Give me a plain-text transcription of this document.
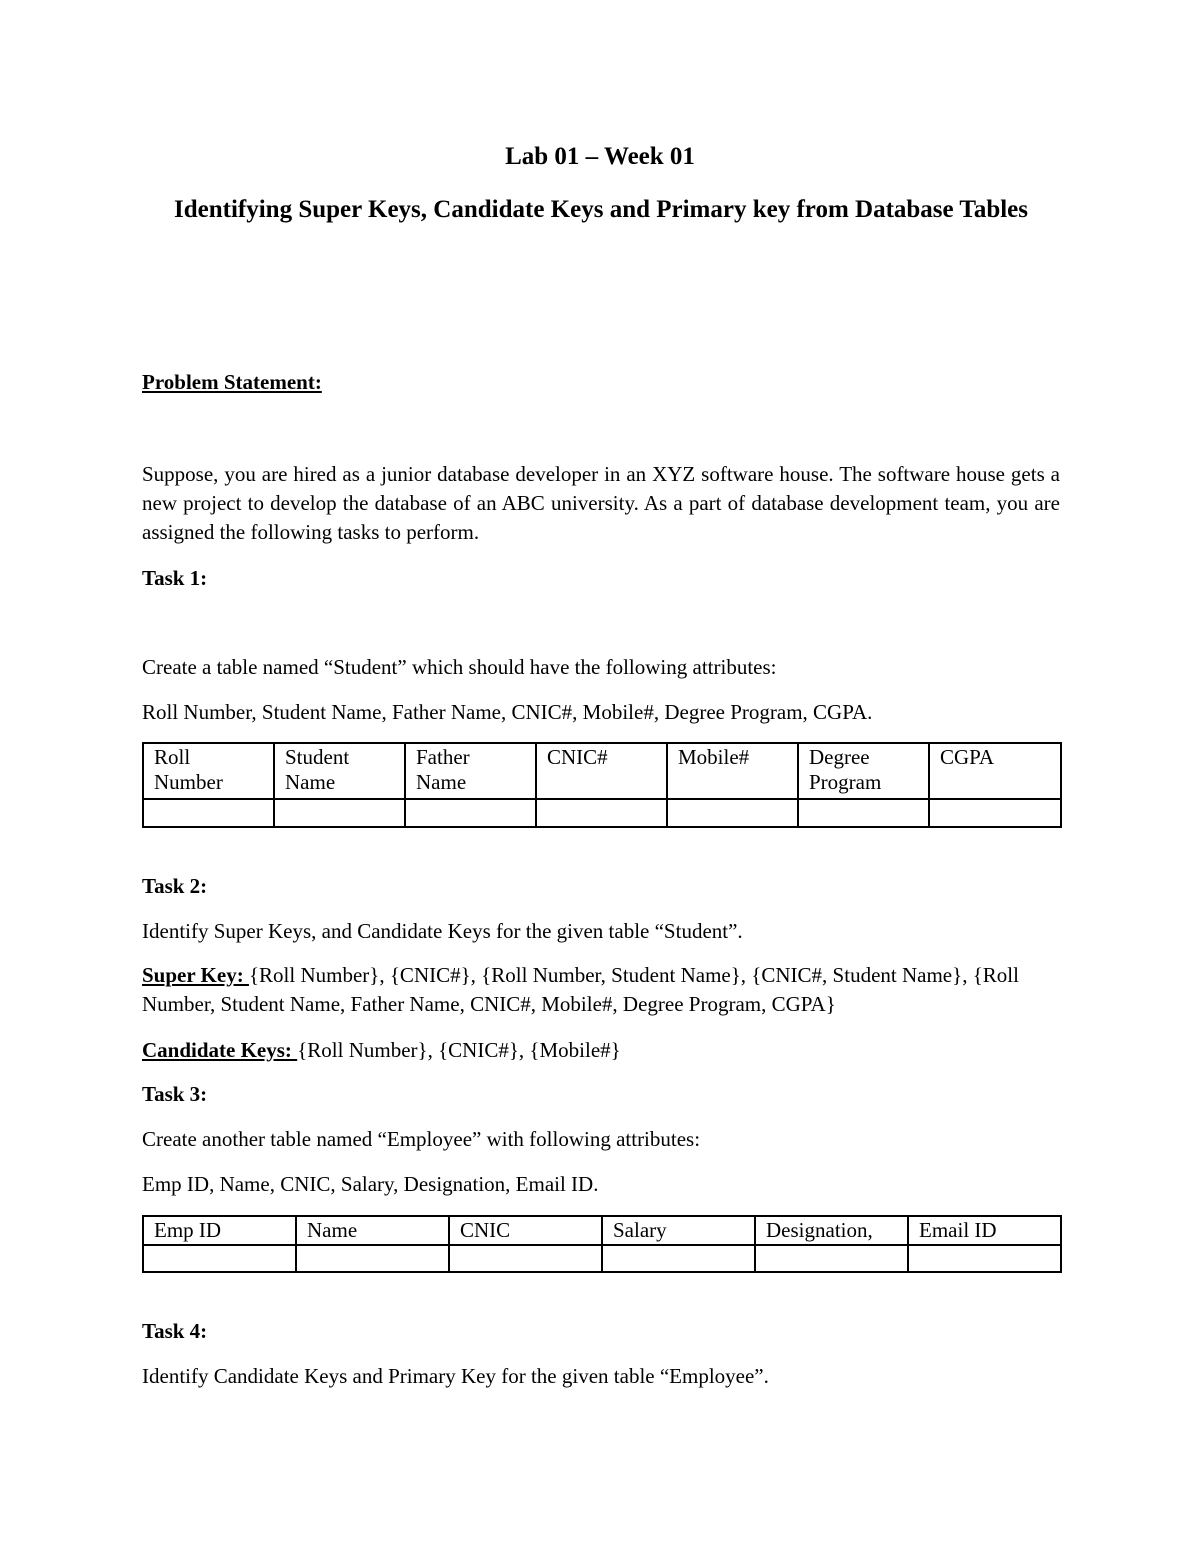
Lab 01 – Week 01
Identifying Super Keys, Candidate Keys and Primary key from Database Tables
Problem Statement:

Suppose, you are hired as a junior database developer in an XYZ software house. The software house gets a new project to develop the database of an ABC university. As a part of database development team, you are assigned the following tasks to perform.

Task 1:

Create a table named “Student” which should have the following attributes:

Roll Number, Student Name, Father Name, CNIC#, Mobile#, Degree Program, CGPA.

Roll Number	Student Name	Father Name	CNIC#	Mobile#	Degree Program	CGPA

Task 2:

Identify Super Keys, and Candidate Keys for the given table “Student”.

Super Key: {Roll Number}, {CNIC#}, {Roll Number, Student Name}, {CNIC#, Student Name}, {Roll Number, Student Name, Father Name, CNIC#, Mobile#, Degree Program, CGPA}

Candidate Keys: {Roll Number}, {CNIC#}, {Mobile#}

Task 3:

Create another table named “Employee” with following attributes:

Emp ID, Name, CNIC, Salary, Designation, Email ID.

Emp ID	Name	CNIC	Salary	Designation,	Email ID

Task 4:

Identify Candidate Keys and Primary Key for the given table “Employee”.
